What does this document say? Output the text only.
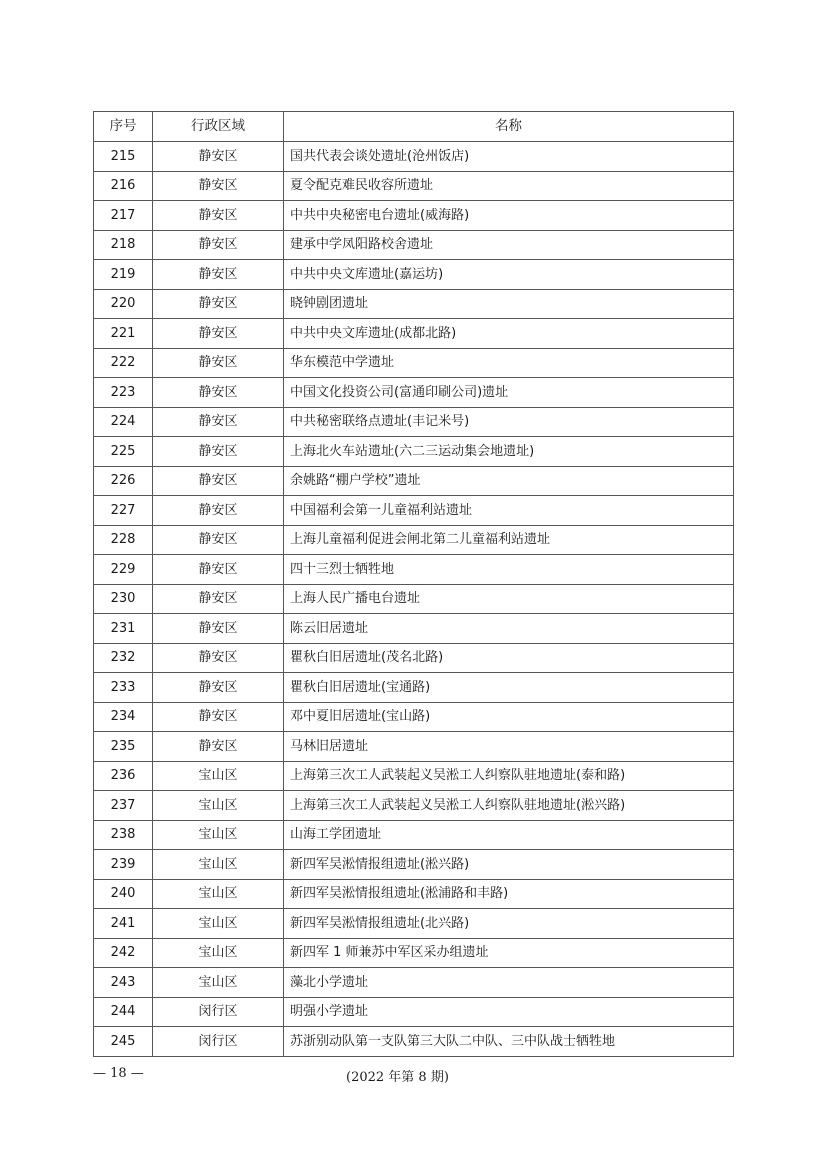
序号	行政区域	名称
215	静安区	国共代表会谈处遗址(沧州饭店)
216	静安区	夏令配克难民收容所遗址
217	静安区	中共中央秘密电台遗址(威海路)
218	静安区	建承中学凤阳路校舍遗址
219	静安区	中共中央文库遗址(嘉运坊)
220	静安区	晓钟剧团遗址
221	静安区	中共中央文库遗址(成都北路)
222	静安区	华东模范中学遗址
223	静安区	中国文化投资公司(富通印刷公司)遗址
224	静安区	中共秘密联络点遗址(丰记米号)
225	静安区	上海北火车站遗址(六二三运动集会地遗址)
226	静安区	余姚路“棚户学校”遗址
227	静安区	中国福利会第一儿童福利站遗址
228	静安区	上海儿童福利促进会闸北第二儿童福利站遗址
229	静安区	四十三烈士牺牲地
230	静安区	上海人民广播电台遗址
231	静安区	陈云旧居遗址
232	静安区	瞿秋白旧居遗址(茂名北路)
233	静安区	瞿秋白旧居遗址(宝通路)
234	静安区	邓中夏旧居遗址(宝山路)
235	静安区	马林旧居遗址
236	宝山区	上海第三次工人武装起义吴淞工人纠察队驻地遗址(泰和路)
237	宝山区	上海第三次工人武装起义吴淞工人纠察队驻地遗址(淞兴路)
238	宝山区	山海工学团遗址
239	宝山区	新四军吴淞情报组遗址(淞兴路)
240	宝山区	新四军吴淞情报组遗址(淞浦路和丰路)
241	宝山区	新四军吴淞情报组遗址(北兴路)
242	宝山区	新四军 1 师兼苏中军区采办组遗址
243	宝山区	藻北小学遗址
244	闵行区	明强小学遗址
245	闵行区	苏浙别动队第一支队第三大队二中队、三中队战士牺牲地
— 18 —	(2022 年第 8 期)
